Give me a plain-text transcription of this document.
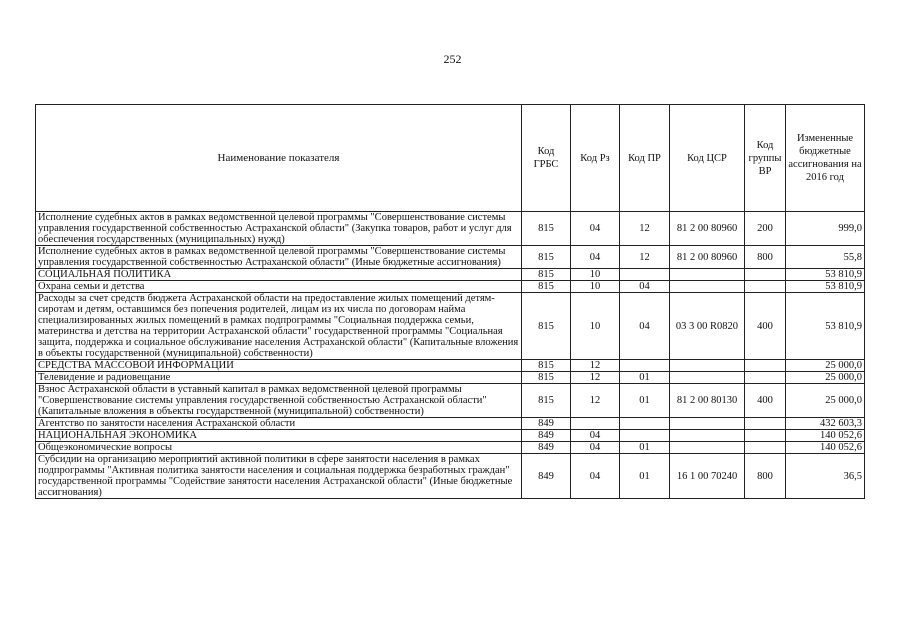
252
Наименование показателя	Код ГРБС	Код Рз	Код ПР	Код ЦСР	Код группы ВР	Измененные бюджетные ассигнования на 2016 год
Исполнение судебных актов в рамках ведомственной целевой программы "Совершенствование системы управления государственной собственностью Астраханской области" (Закупка товаров, работ и услуг для обеспечения государственных (муниципальных) нужд)	815	04	12	81 2 00 80960	200	999,0
Исполнение судебных актов в рамках ведомственной целевой программы "Совершенствование системы управления государственной собственностью Астраханской области" (Иные бюджетные ассигнования)	815	04	12	81 2 00 80960	800	55,8
СОЦИАЛЬНАЯ ПОЛИТИКА	815	10				53 810,9
Охрана семьи и детства	815	10	04			53 810,9
Расходы за счет средств бюджета Астраханской области на предоставление жилых помещений детям-сиротам и детям, оставшимся без попечения родителей, лицам из их числа по договорам найма специализированных жилых помещений в рамках подпрограммы "Социальная поддержка семьи, материнства и детства на территории Астраханской области" государственной программы "Социальная защита, поддержка и социальное обслуживание населения Астраханской области" (Капитальные вложения в объекты государственной (муниципальной) собственности)	815	10	04	03 3 00 R0820	400	53 810,9
СРЕДСТВА МАССОВОЙ ИНФОРМАЦИИ	815	12				25 000,0
Телевидение и радиовещание	815	12	01			25 000,0
Взнос Астраханской области в уставный капитал в рамках ведомственной целевой программы "Совершенствование системы управления государственной собственностью Астраханской области" (Капитальные вложения в объекты государственной (муниципальной) собственности)	815	12	01	81 2 00 80130	400	25 000,0
Агентство по занятости населения Астраханской области	849					432 603,3
НАЦИОНАЛЬНАЯ ЭКОНОМИКА	849	04				140 052,6
Общеэкономические вопросы	849	04	01			140 052,6
Субсидии на организацию мероприятий активной политики в сфере занятости населения в рамках подпрограммы "Активная политика занятости населения и социальная поддержка безработных граждан" государственной программы "Содействие занятости населения Астраханской области" (Иные бюджетные ассигнования)	849	04	01	16 1 00 70240	800	36,5
